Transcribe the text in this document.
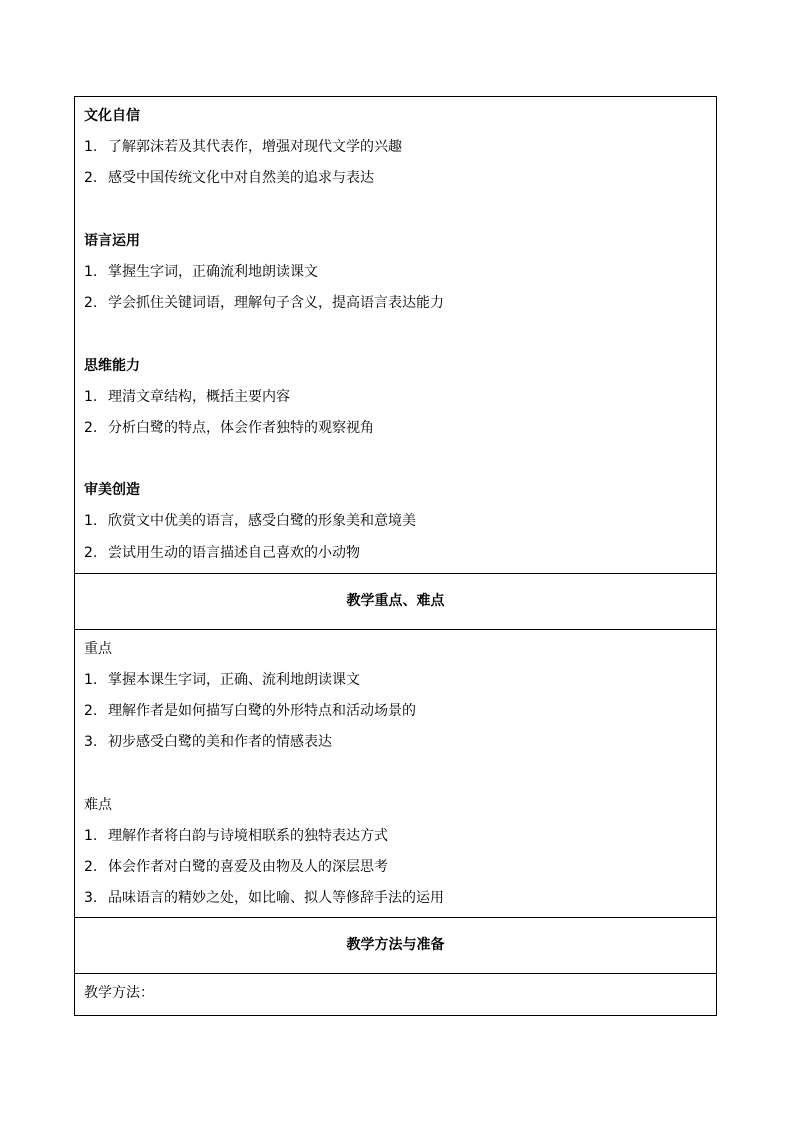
文化自信
1. 了解郭沫若及其代表作，增强对现代文学的兴趣
2. 感受中国传统文化中对自然美的追求与表达
语言运用
1. 掌握生字词，正确流利地朗读课文
2. 学会抓住关键词语，理解句子含义，提高语言表达能力
思维能力
1. 理清文章结构，概括主要内容
2. 分析白鹭的特点，体会作者独特的观察视角
审美创造
1. 欣赏文中优美的语言，感受白鹭的形象美和意境美
2. 尝试用生动的语言描述自己喜欢的小动物
教学重点、难点
重点
1. 掌握本课生字词，正确、流利地朗读课文
2. 理解作者是如何描写白鹭的外形特点和活动场景的
3. 初步感受白鹭的美和作者的情感表达
难点
1. 理解作者将白韵与诗境相联系的独特表达方式
2. 体会作者对白鹭的喜爱及由物及人的深层思考
3. 品味语言的精妙之处，如比喻、拟人等修辞手法的运用
教学方法与准备
教学方法：
